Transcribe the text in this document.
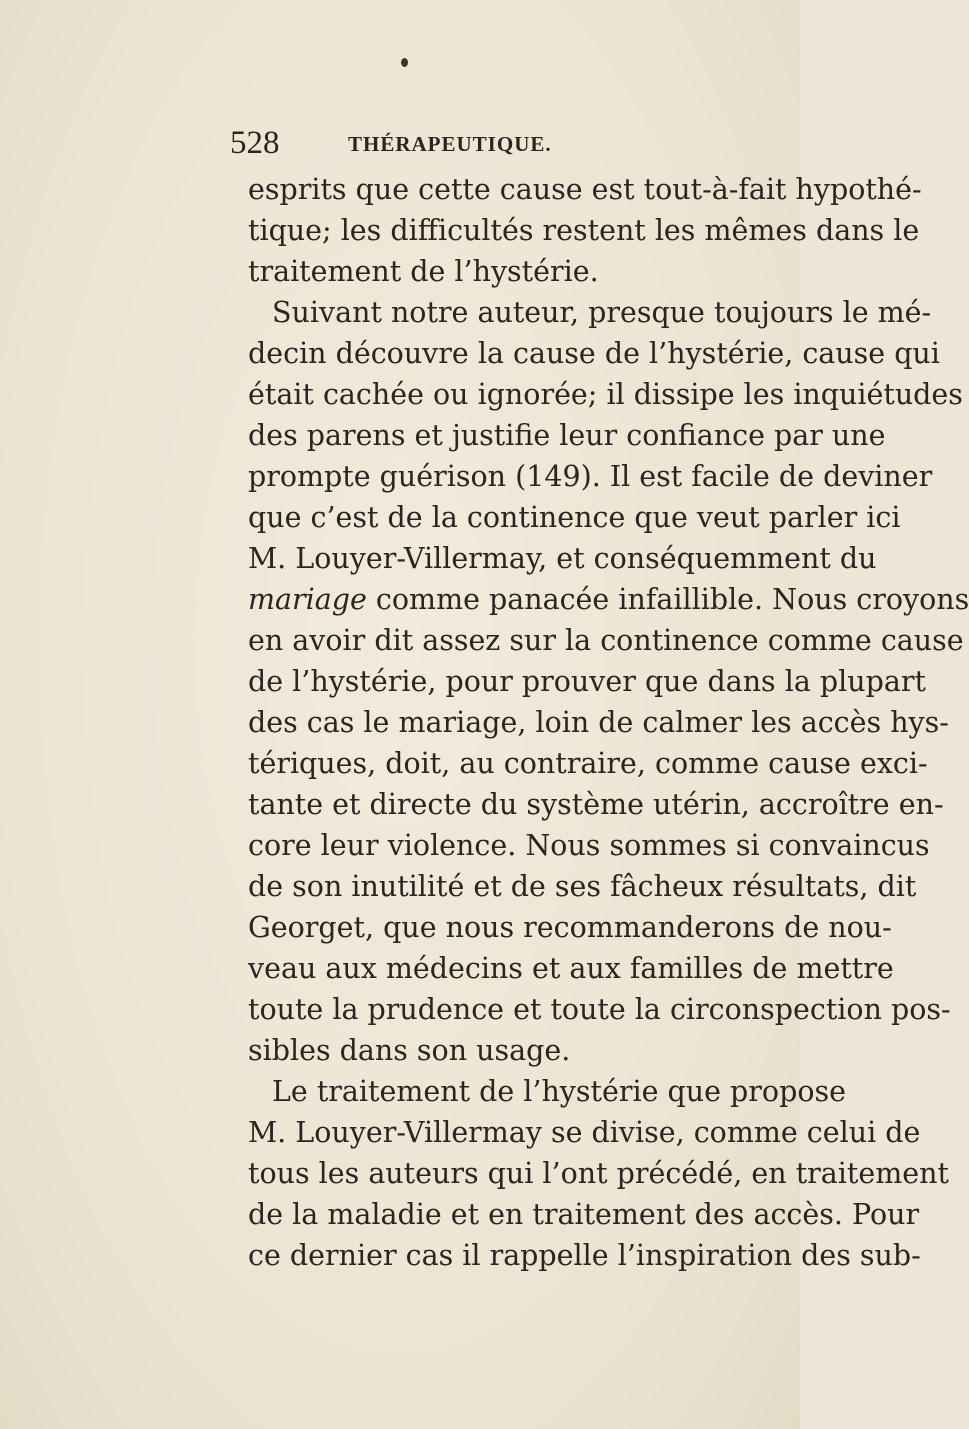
528	THÉRAPEUTIQUE.
esprits que cette cause est tout-à-fait hypothé-
tique; les difficultés restent les mêmes dans le
traitement de l’hystérie.
Suivant notre auteur, presque toujours le mé-
decin découvre la cause de l’hystérie, cause qui
était cachée ou ignorée; il dissipe les inquiétudes
des parens et justifie leur confiance par une
prompte guérison (149). Il est facile de deviner
que c’est de la continence que veut parler ici
M. Louyer-Villermay, et conséquemment du
mariage comme panacée infaillible. Nous croyons
en avoir dit assez sur la continence comme cause
de l’hystérie, pour prouver que dans la plupart
des cas le mariage, loin de calmer les accès hys-
tériques, doit, au contraire, comme cause exci-
tante et directe du système utérin, accroître en-
core leur violence. Nous sommes si convaincus
de son inutilité et de ses fâcheux résultats, dit
Georget, que nous recommanderons de nou-
veau aux médecins et aux familles de mettre
toute la prudence et toute la circonspection pos-
sibles dans son usage.
Le traitement de l’hystérie que propose
M. Louyer-Villermay se divise, comme celui de
tous les auteurs qui l’ont précédé, en traitement
de la maladie et en traitement des accès. Pour
ce dernier cas il rappelle l’inspiration des sub-
